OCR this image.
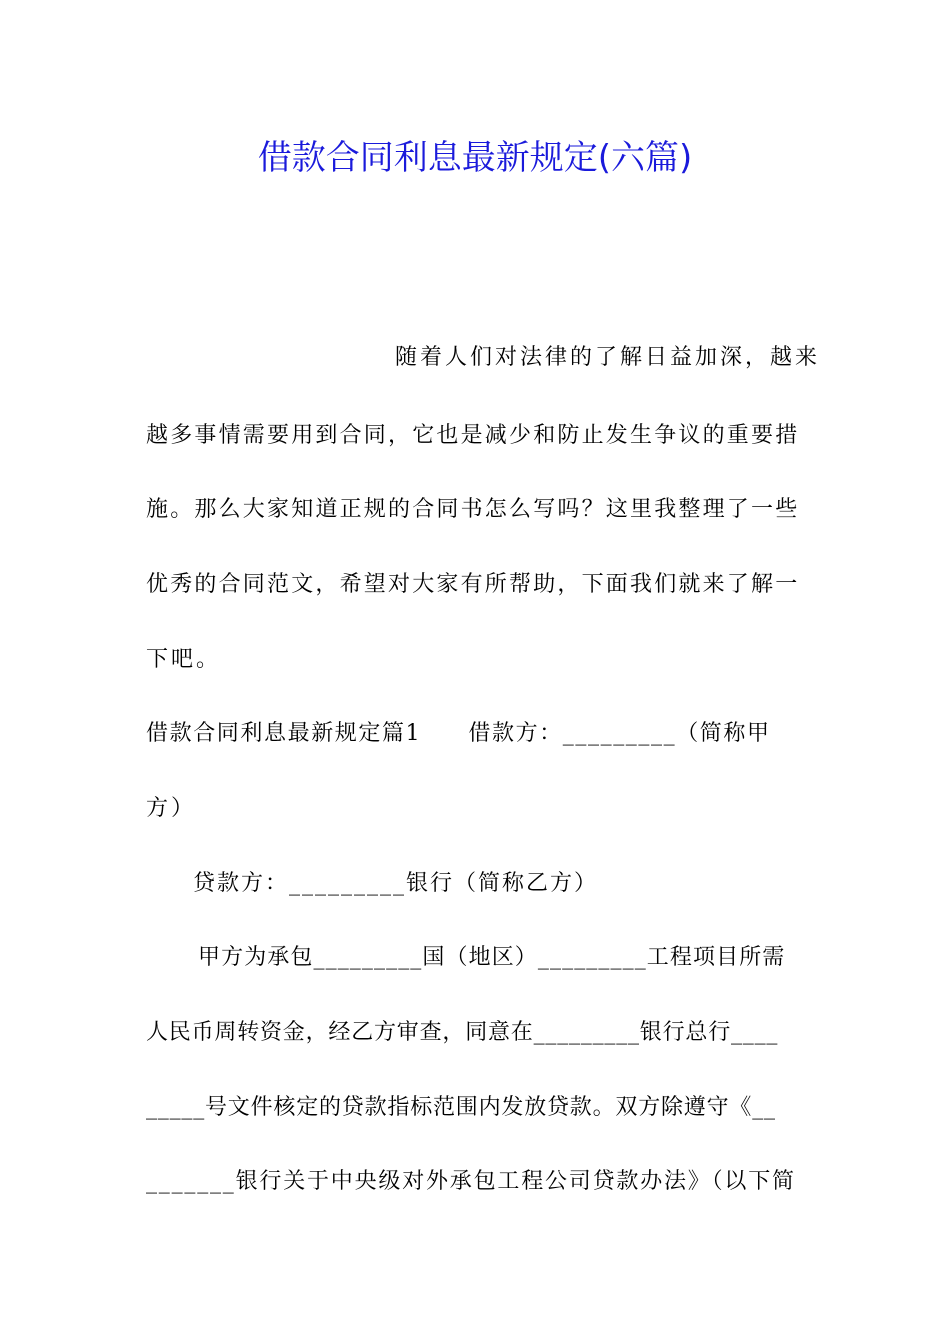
借款合同利息最新规定(六篇)
随着人们对法律的了解日益加深，越来
越多事情需要用到合同，它也是减少和防止发生争议的重要措
施。那么大家知道正规的合同书怎么写吗？这里我整理了一些
优秀的合同范文，希望对大家有所帮助，下面我们就来了解一
下吧。
借款合同利息最新规定篇1　　借款方：_________（简称甲
方）
贷款方：_________银行（简称乙方）
甲方为承包_________国（地区）_________工程项目所需
人民币周转资金，经乙方审查，同意在_________银行总行____
_____号文件核定的贷款指标范围内发放贷款。双方除遵守《__
_______银行关于中央级对外承包工程公司贷款办法》（以下简
